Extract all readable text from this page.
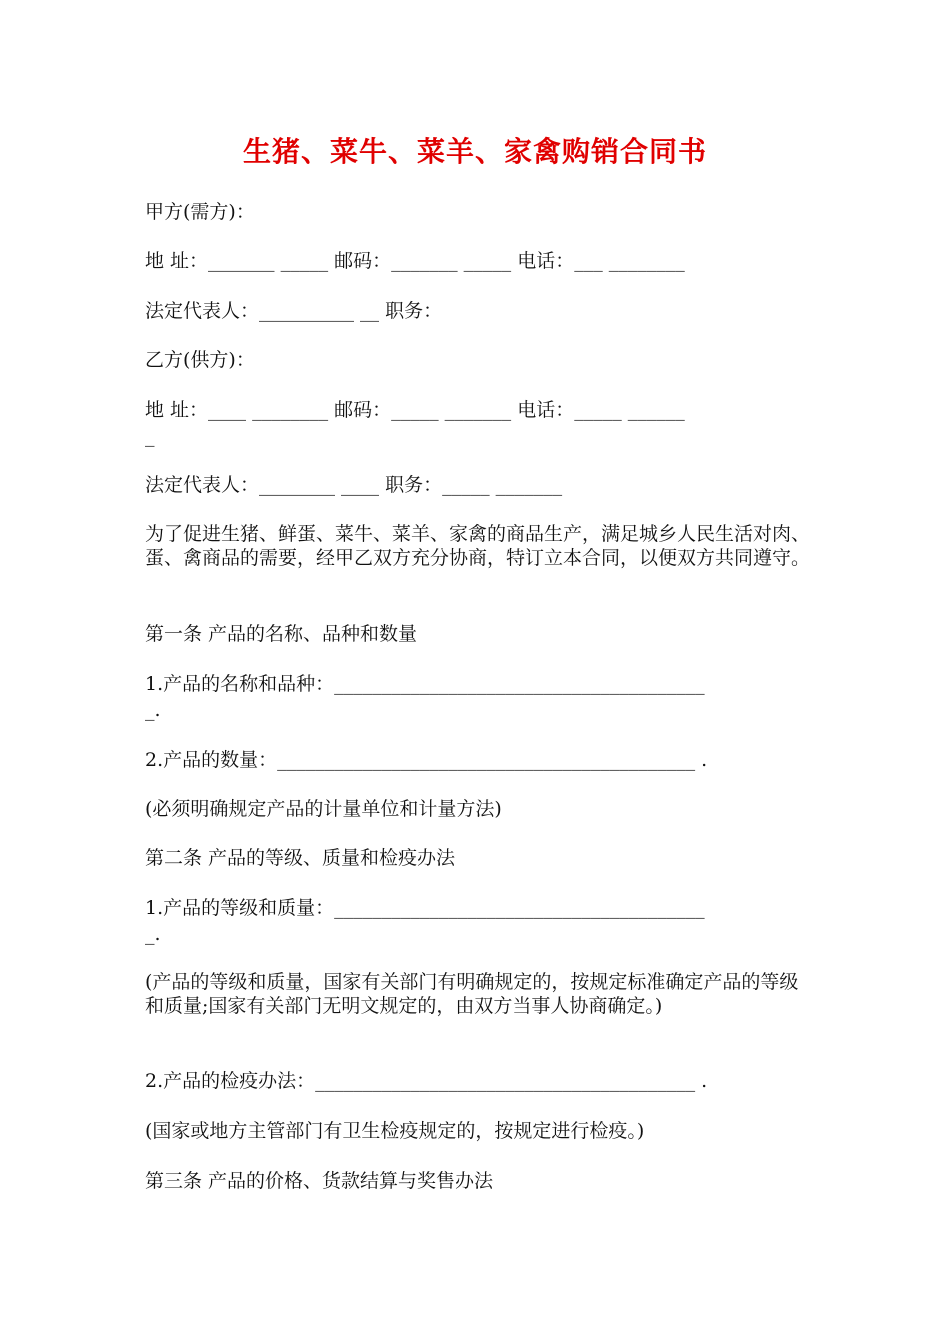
生猪、菜牛、菜羊、家禽购销合同书
甲方(需方)：
地 址：_______ _____ 邮码：_______ _____ 电话：___ ________
法定代表人：__________ __ 职务：
乙方(供方)：
地 址：____ ________ 邮码：_____ _______ 电话：_____ ______
_
法定代表人：________ ____ 职务：_____ _______
为了促进生猪、鲜蛋、菜牛、菜羊、家禽的商品生产，满足城乡人民生活对肉、蛋、禽商品的需要，经甲乙双方充分协商，特订立本合同，以便双方共同遵守。
第一条 产品的名称、品种和数量
1.产品的名称和品种：_______________________________________
_.
2.产品的数量：____________________________________________ .
(必须明确规定产品的计量单位和计量方法)
第二条 产品的等级、质量和检疫办法
1.产品的等级和质量：_______________________________________
_.
(产品的等级和质量，国家有关部门有明确规定的，按规定标准确定产品的等级和质量;国家有关部门无明文规定的，由双方当事人协商确定。)
2.产品的检疫办法：________________________________________ .
(国家或地方主管部门有卫生检疫规定的，按规定进行检疫。)
第三条 产品的价格、货款结算与奖售办法
